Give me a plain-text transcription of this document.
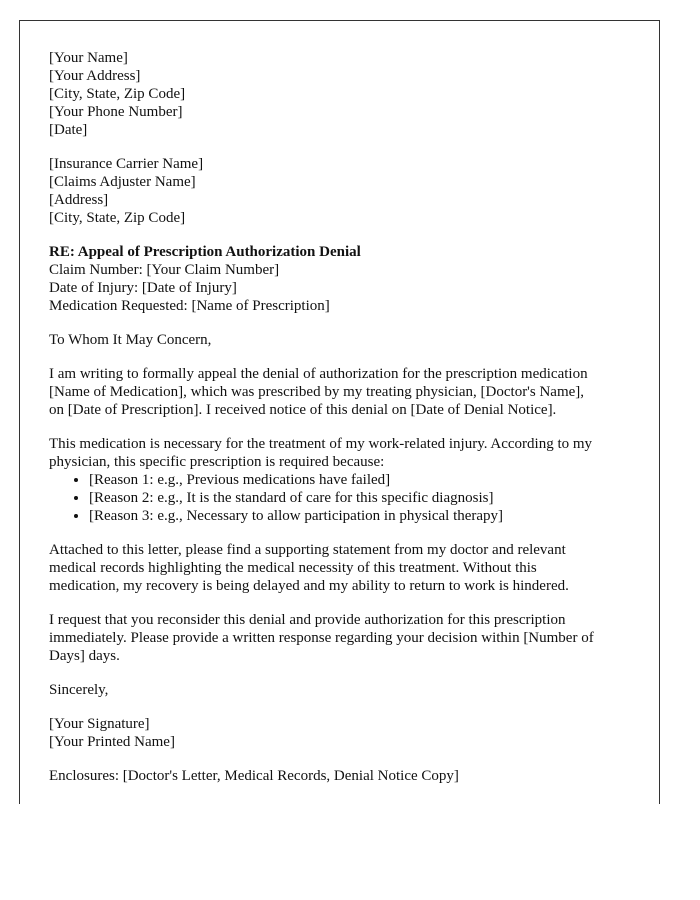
[Your Name]
[Your Address]
[City, State, Zip Code]
[Your Phone Number]
[Date]
[Insurance Carrier Name]
[Claims Adjuster Name]
[Address]
[City, State, Zip Code]
RE: Appeal of Prescription Authorization Denial
Claim Number: [Your Claim Number]
Date of Injury: [Date of Injury]
Medication Requested: [Name of Prescription]

To Whom It May Concern,

I am writing to formally appeal the denial of authorization for the prescription medication
[Name of Medication], which was prescribed by my treating physician, [Doctor's Name],
on [Date of Prescription]. I received notice of this denial on [Date of Denial Notice].

This medication is necessary for the treatment of my work-related injury. According to my
physician, this specific prescription is required because:

• [Reason 1: e.g., Previous medications have failed]
• [Reason 2: e.g., It is the standard of care for this specific diagnosis]
• [Reason 3: e.g., Necessary to allow participation in physical therapy]

Attached to this letter, please find a supporting statement from my doctor and relevant
medical records highlighting the medical necessity of this treatment. Without this
medication, my recovery is being delayed and my ability to return to work is hindered.

I request that you reconsider this denial and provide authorization for this prescription
immediately. Please provide a written response regarding your decision within [Number of
Days] days.

Sincerely,

[Your Signature]
[Your Printed Name]

Enclosures: [Doctor's Letter, Medical Records, Denial Notice Copy]
